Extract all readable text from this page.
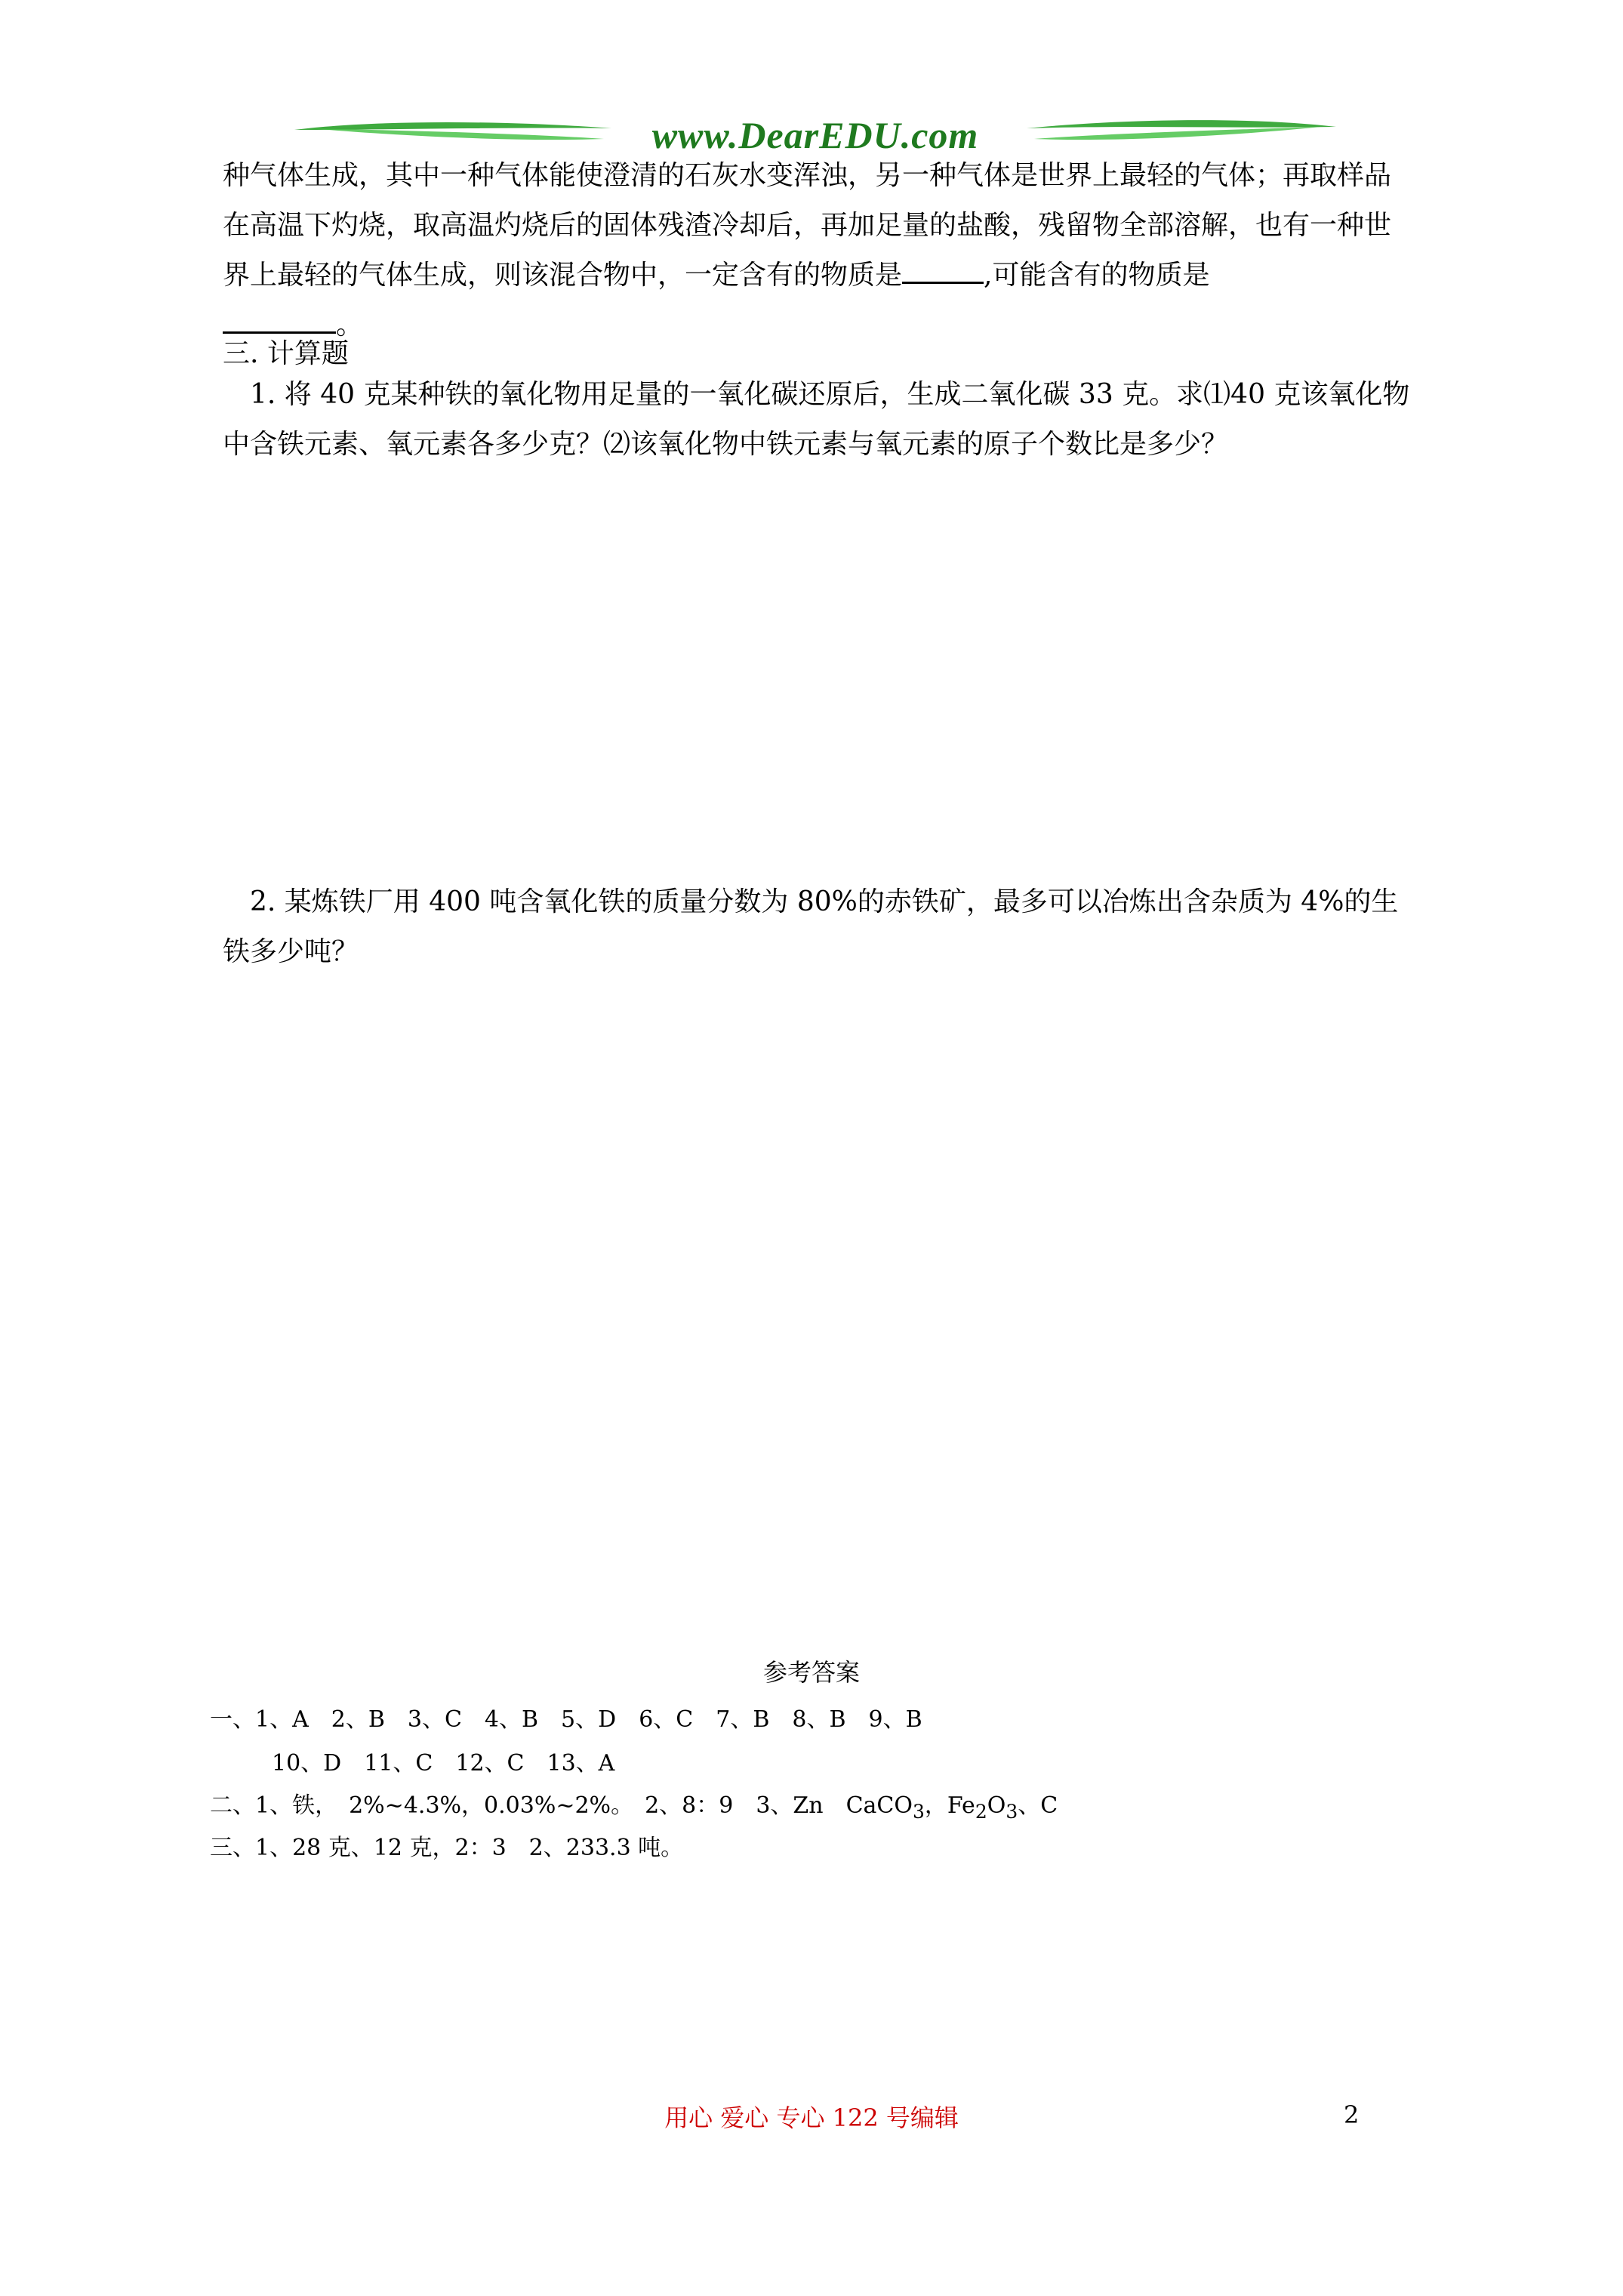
www.DearEDU.com

种气体生成，其中一种气体能使澄清的石灰水变浑浊，另一种气体是世界上最轻的气体；再取样品在高温下灼烧，取高温灼烧后的固体残渣冷却后，再加足量的盐酸，残留物全部溶解，也有一种世界上最轻的气体生成，则该混合物中，一定含有的物质是	,可能含有的物质是
。

三. 计算题

1. 将 40 克某种铁的氧化物用足量的一氧化碳还原后，生成二氧化碳 33 克。求⑴40 克该氧化物中含铁元素、氧元素各多少克？⑵该氧化物中铁元素与氧元素的原子个数比是多少？

2. 某炼铁厂用 400 吨含氧化铁的质量分数为 80%的赤铁矿，最多可以冶炼出含杂质为 4%的生铁多少吨？

参考答案
一、1、A　2、B　3、C　4、B　5、D　6、C　7、B　8、B　9、B
10、D　11、C　12、C　13、A
二、1、铁，　2%~4.3%，0.03%~2%。　2、8：9　3、Zn　CaCO$_3$，$Fe_2O_3$、C
三、1、28 克、12 克，2：3　2、233.3 吨。
用心 爱心 专心 122 号编辑	2
